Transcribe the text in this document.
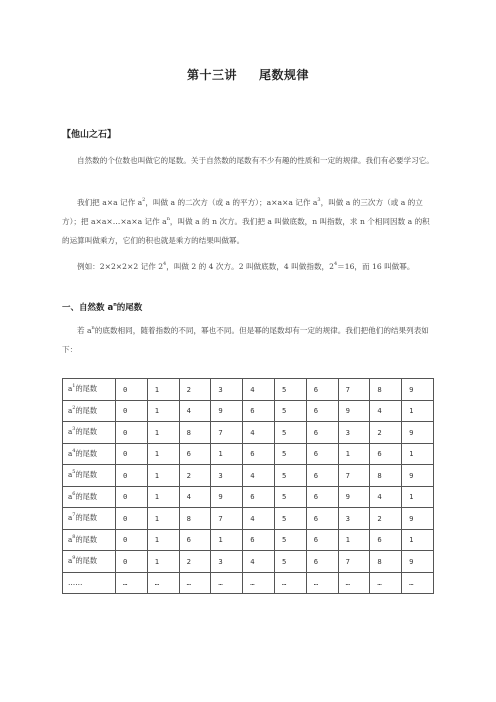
第十三讲 尾数规律
【他山之石】
自然数的个位数也叫做它的尾数。关于自然数的尾数有不少有趣的性质和一定的规律。我们有必要学习它。
我们把 a×a 记作 $a^2$，叫做 a 的二次方（或 a 的平方）；a×a×a 记作 $a^3$，叫做 a 的三次方（或 a 的立方）；把 a×a×…×a×a 记作 $a^n$，叫做 a 的 n 次方。我们把 a 叫做底数，n 叫指数，求 n 个相同因数 a 的积的运算叫做乘方，它们的积也就是乘方的结果叫做幂。
例如：2×2×2×2 记作 $2^4$，叫做 2 的 4 次方。2 叫做底数，4 叫做指数，$2^4=16$，而 16 叫做幂。
一、自然数 $a^n$的尾数
若 $a^n$的底数相同，随着指数的不同，幂也不同。但是幂的尾数却有一定的规律。我们把他们的结果列表如下：
$a^1$的尾数	0	1	2	3	4	5	6	7	8	9
$a^2$的尾数	0	1	4	9	6	5	6	9	4	1
$a^3$的尾数	0	1	8	7	4	5	6	3	2	9
$a^4$的尾数	0	1	6	1	6	5	6	1	6	1
$a^5$的尾数	0	1	2	3	4	5	6	7	8	9
$a^6$的尾数	0	1	4	9	6	5	6	9	4	1
$a^7$的尾数	0	1	8	7	4	5	6	3	2	9
$a^8$的尾数	0	1	6	1	6	5	6	1	6	1
$a^9$的尾数	0	1	2	3	4	5	6	7	8	9
……	…	…	…	…	…	…	…	…	…	…
